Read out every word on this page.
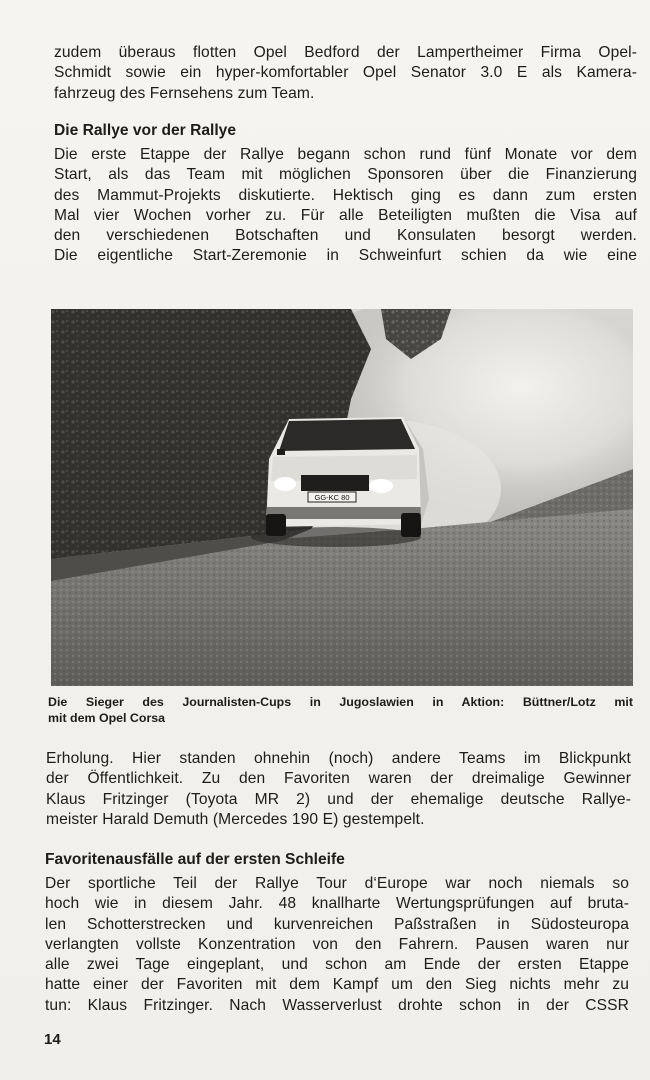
zudem überaus flotten Opel Bedford der Lampertheimer Firma Opel-
Schmidt sowie ein hyper-komfortabler Opel Senator 3.0 E als Kamera-
fahrzeug des Fernsehens zum Team.
Die Rallye vor der Rallye
Die erste Etappe der Rallye begann schon rund fünf Monate vor dem
Start, als das Team mit möglichen Sponsoren über die Finanzierung
des Mammut-Projekts diskutierte. Hektisch ging es dann zum ersten
Mal vier Wochen vorher zu. Für alle Beteiligten mußten die Visa auf
den verschiedenen Botschaften und Konsulaten besorgt werden.
Die eigentliche Start-Zeremonie in Schweinfurt schien da wie eine
GG-KC 80
Die Sieger des Journalisten-Cups in Jugoslawien in Aktion: Büttner/Lotz mit
mit dem Opel Corsa
Erholung. Hier standen ohnehin (noch) andere Teams im Blickpunkt
der Öffentlichkeit. Zu den Favoriten waren der dreimalige Gewinner
Klaus Fritzinger (Toyota MR 2) und der ehemalige deutsche Rallye-
meister Harald Demuth (Mercedes 190 E) gestempelt.
Favoritenausfälle auf der ersten Schleife
Der sportliche Teil der Rallye Tour d‘Europe war noch niemals so
hoch wie in diesem Jahr. 48 knallharte Wertungsprüfungen auf bruta-
len Schotterstrecken und kurvenreichen Paßstraßen in Südosteuropa
verlangten vollste Konzentration von den Fahrern. Pausen waren nur
alle zwei Tage eingeplant, und schon am Ende der ersten Etappe
hatte einer der Favoriten mit dem Kampf um den Sieg nichts mehr zu
tun: Klaus Fritzinger. Nach Wasserverlust drohte schon in der CSSR
14
